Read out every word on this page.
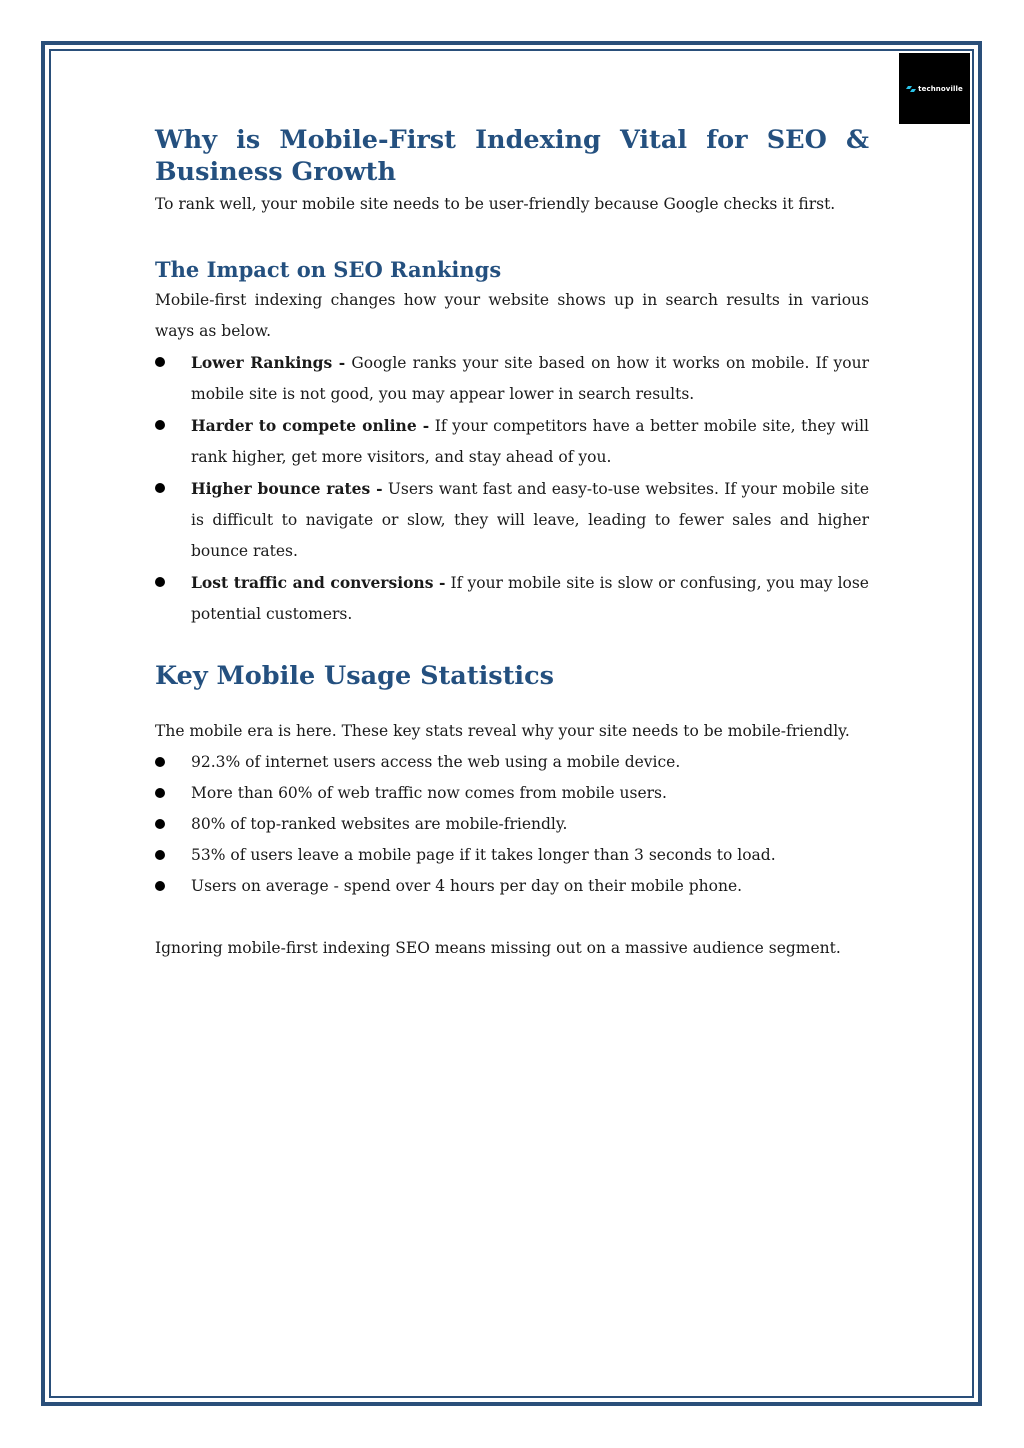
technoville
Why is Mobile-First Indexing Vital for SEO & Business Growth

To rank well, your mobile site needs to be user-friendly because Google checks it first.

The Impact on SEO Rankings

Mobile-first indexing changes how your website shows up in search results in various ways as below.

Lower Rankings - Google ranks your site based on how it works on mobile. If your mobile site is not good, you may appear lower in search results.
Harder to compete online - If your competitors have a better mobile site, they will rank higher, get more visitors, and stay ahead of you.
Higher bounce rates - Users want fast and easy-to-use websites. If your mobile site is difficult to navigate or slow, they will leave, leading to fewer sales and higher bounce rates.
Lost traffic and conversions - If your mobile site is slow or confusing, you may lose potential customers.
Key Mobile Usage Statistics

The mobile era is here. These key stats reveal why your site needs to be mobile-friendly.

92.3% of internet users access the web using a mobile device.
More than 60% of web traffic now comes from mobile users.
80% of top-ranked websites are mobile-friendly.
53% of users leave a mobile page if it takes longer than 3 seconds to load.
Users on average - spend over 4 hours per day on their mobile phone.

Ignoring mobile-first indexing SEO means missing out on a massive audience segment.
